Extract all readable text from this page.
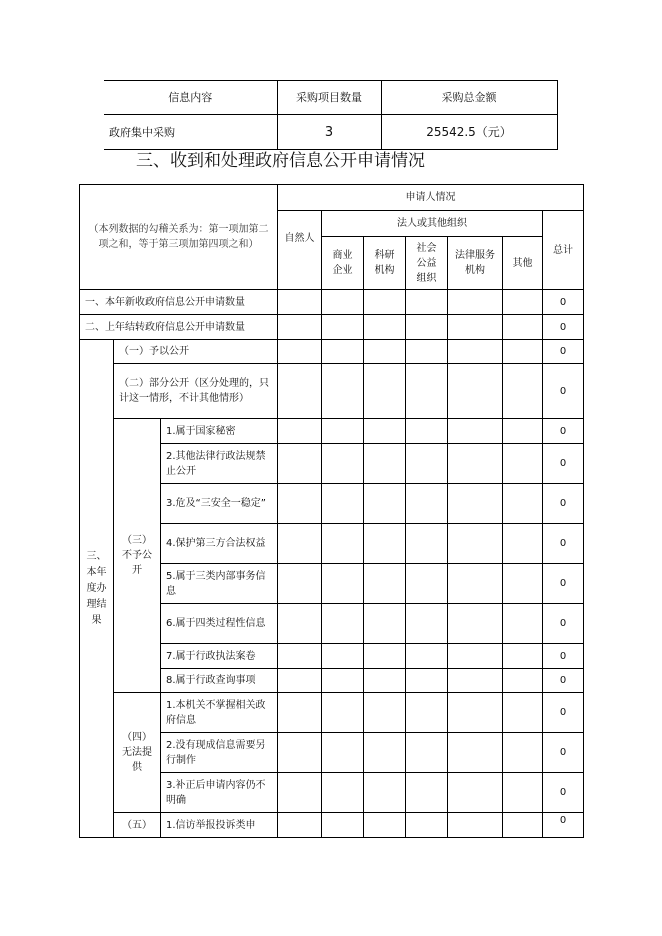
信息内容	采购项目数量	采购总金额
政府集中采购	3	25542.5（元）
三、收到和处理政府信息公开申请情况
（本列数据的勾稽关系为：第一项加第二项之和，等于第三项加第四项之和）			申请人情况						
			自然人	法人或其他组织					总计
				商业企业	科研机构	社会公益组织	法律服务机构	其他	
一、本年新收政府信息公开申请数量									0
二、上年结转政府信息公开申请数量									0
三、本年度办理结果	（一）予以公开								0
	（二）部分公开（区分处理的，只计这一情形，不计其他情形）								0
	（三）不予公开	1.属于国家秘密							0
		2.其他法律行政法规禁止公开							0
		3.危及“三安全一稳定”							0
		4.保护第三方合法权益							0
		5.属于三类内部事务信息							0
		6.属于四类过程性信息							0
		7.属于行政执法案卷							0
		8.属于行政查询事项							0
	（四）无法提供	1.本机关不掌握相关政府信息							0
		2.没有现成信息需要另行制作							0
		3.补正后申请内容仍不明确							0
	（五）	1.信访举报投诉类申							0
